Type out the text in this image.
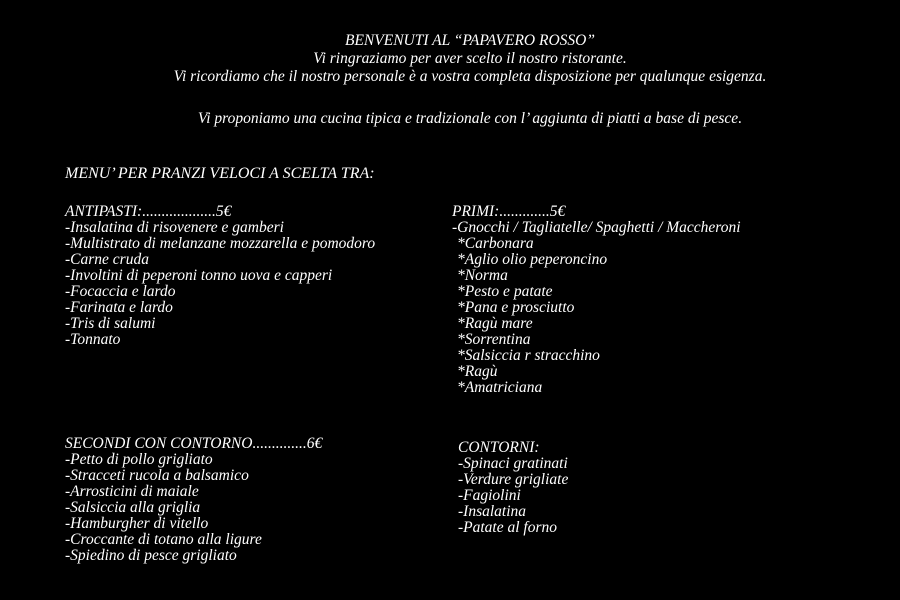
BENVENUTI AL “PAPAVERO ROSSO”
Vi ringraziamo per aver scelto il nostro ristorante.
Vi ricordiamo che il nostro personale è a vostra completa disposizione per qualunque esigenza.
Vi proponiamo una cucina tipica e tradizionale con l’ aggiunta di piatti a base di pesce.
MENU’ PER PRANZI VELOCI A SCELTA TRA:
ANTIPASTI:...................5€
-Insalatina di risovenere e gamberi
-Multistrato di melanzane mozzarella e pomodoro
-Carne cruda
-Involtini di peperoni tonno uova e capperi
-Focaccia e lardo
-Farinata e lardo
-Tris di salumi
-Tonnato
PRIMI:.............5€
-Gnocchi / Tagliatelle/ Spaghetti / Maccheroni
*Carbonara
*Aglio olio peperoncino
*Norma
*Pesto e patate
*Pana e prosciutto
*Ragù mare
*Sorrentina
*Salsiccia r stracchino
*Ragù
*Amatriciana
SECONDI CON CONTORNO..............6€
-Petto di pollo grigliato
-Stracceti rucola a balsamico
-Arrosticini di maiale
-Salsiccia alla griglia
-Hamburgher di vitello
-Croccante di totano alla ligure
-Spiedino di pesce grigliato
CONTORNI:
-Spinaci gratinati
-Verdure grigliate
-Fagiolini
-Insalatina
-Patate al forno
